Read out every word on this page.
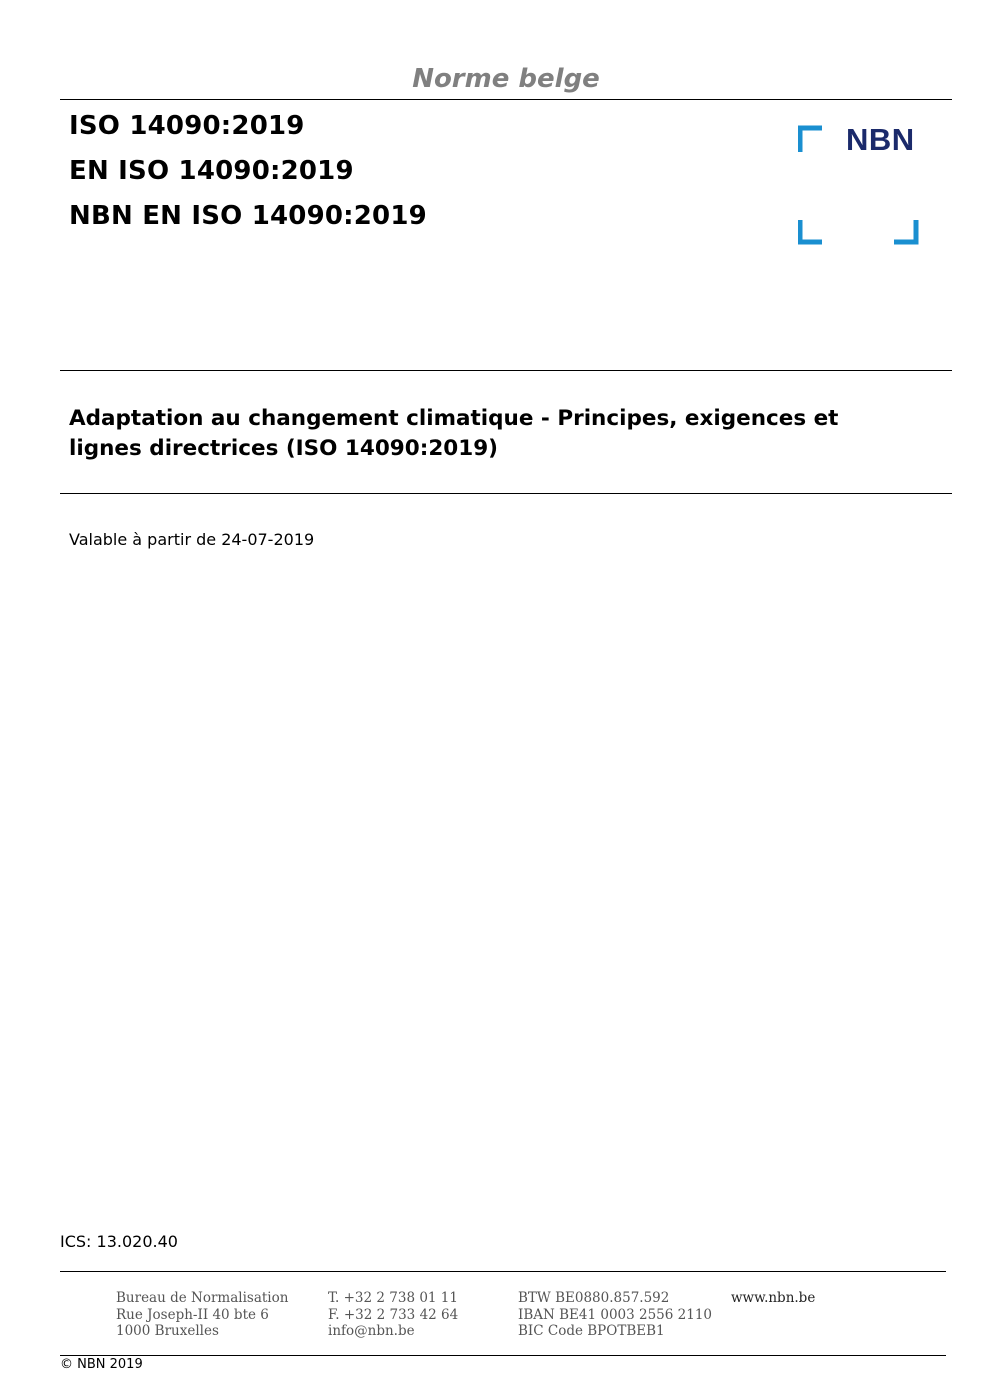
Norme belge
ISO 14090:2019
EN ISO 14090:2019
NBN EN ISO 14090:2019
NBN
Adaptation au changement climatique - Principes, exigences et
lignes directrices (ISO 14090:2019)
Valable à partir de 24-07-2019
ICS: 13.020.40
Bureau de Normalisation
Rue Joseph-II 40 bte 6
1000 Bruxelles
T. +32 2 738 01 11
F. +32 2 733 42 64
info@nbn.be
BTW BE0880.857.592
IBAN BE41 0003 2556 2110
BIC Code BPOTBEB1
www.nbn.be
© NBN 2019
